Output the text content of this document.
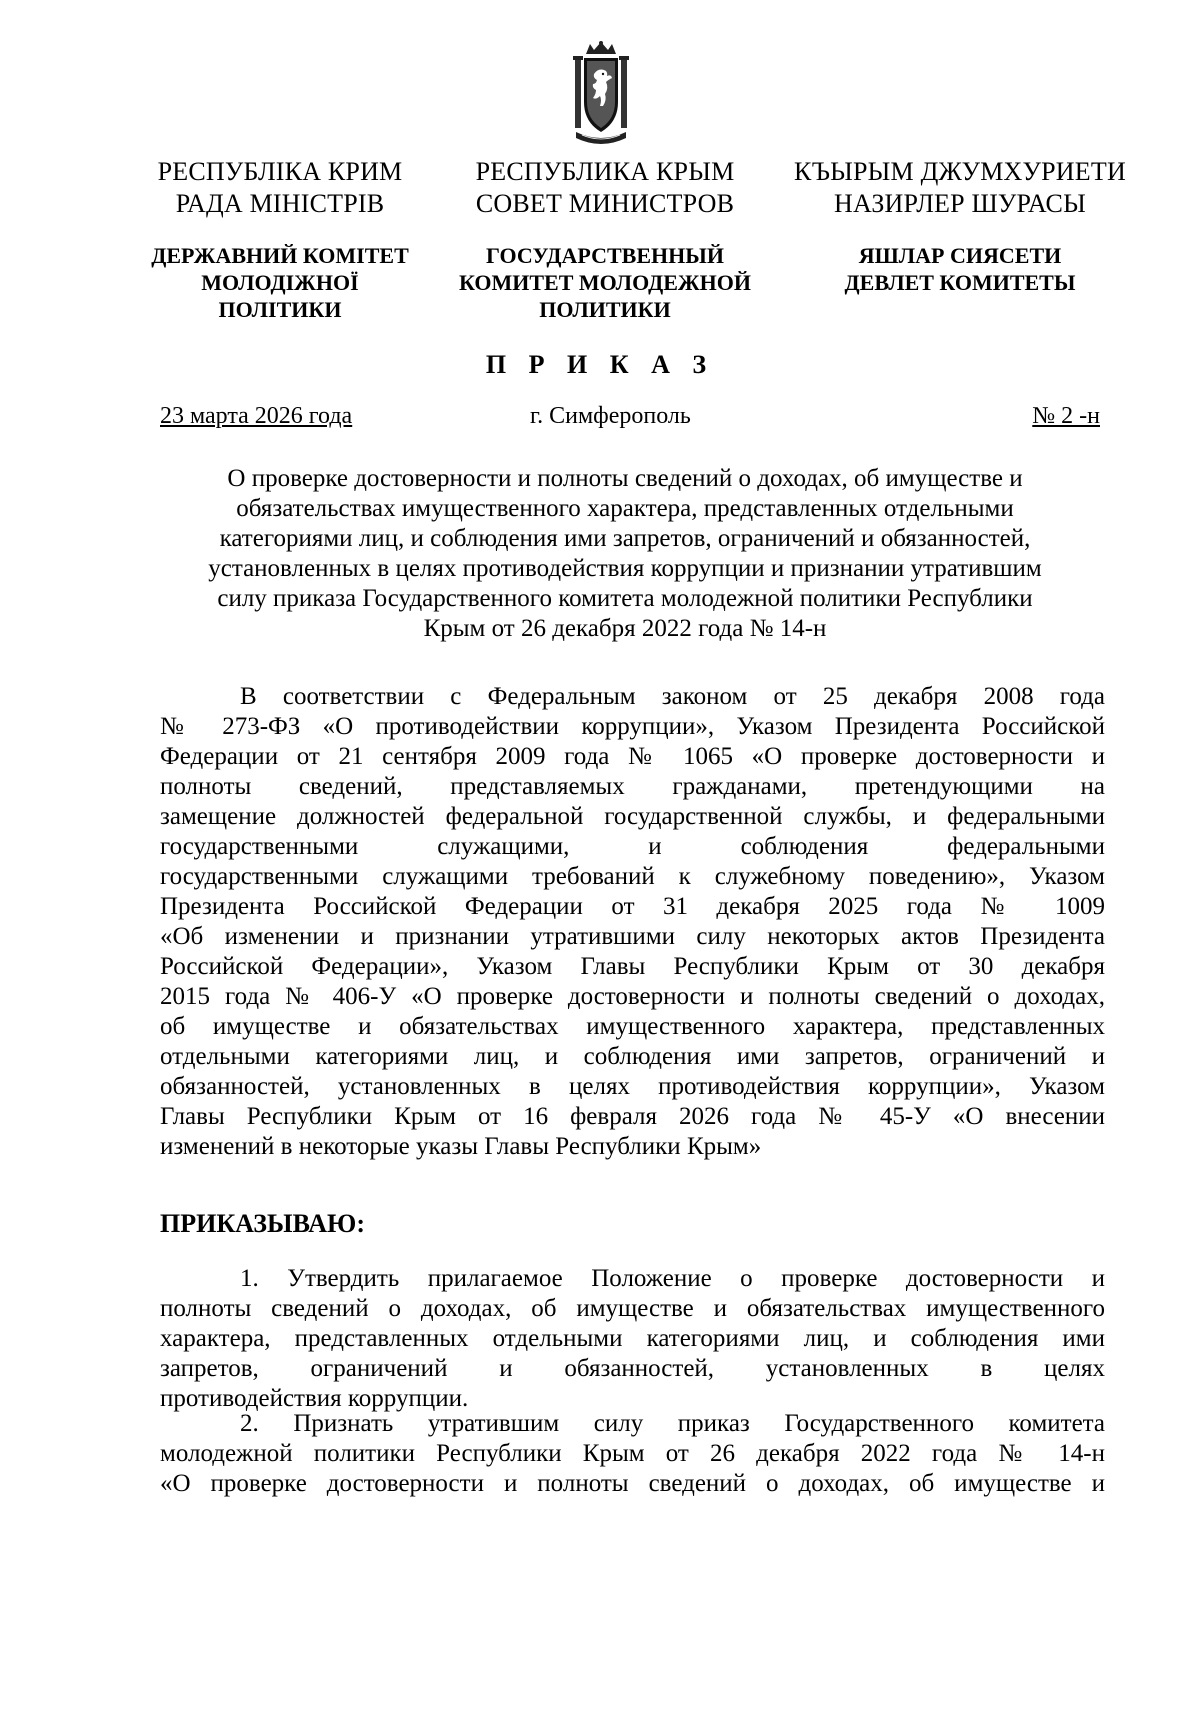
РЕСПУБЛІКА КРИМ
РАДА МІНІСТРІВ
РЕСПУБЛИКА КРЫМ
СОВЕТ МИНИСТРОВ
КЪЫРЫМ ДЖУМХУРИЕТИ
НАЗИРЛЕР ШУРАСЫ
ДЕРЖАВНИЙ КОМІТЕТ
МОЛОДІЖНОЇ
ПОЛІТИКИ
ГОСУДАРСТВЕННЫЙ
КОМИТЕТ МОЛОДЕЖНОЙ
ПОЛИТИКИ
ЯШЛАР СИЯСЕТИ
ДЕВЛЕТ КОМИТЕТЫ
П Р И К А З
23 марта 2026 года	г. Симферополь	№ 2 -н
О проверке достоверности и полноты сведений о доходах, об имуществе и
обязательствах имущественного характера, представленных отдельными
категориями лиц, и соблюдения ими запретов, ограничений и обязанностей,
установленных в целях противодействия коррупции и признании утратившим
силу приказа Государственного комитета молодежной политики Республики
Крым от 26 декабря 2022 года № 14-н
В соответствии с Федеральным законом от 25 декабря 2008 года
№ 273-ФЗ «О противодействии коррупции», Указом Президента Российской
Федерации от 21 сентября 2009 года № 1065 «О проверке достоверности и
полноты сведений, представляемых гражданами, претендующими на
замещение должностей федеральной государственной службы, и федеральными
государственными служащими, и соблюдения федеральными
государственными служащими требований к служебному поведению», Указом
Президента Российской Федерации от 31 декабря 2025 года № 1009
«Об изменении и признании утратившими силу некоторых актов Президента
Российской Федерации», Указом Главы Республики Крым от 30 декабря
2015 года № 406-У «О проверке достоверности и полноты сведений о доходах,
об имуществе и обязательствах имущественного характера, представленных
отдельными категориями лиц, и соблюдения ими запретов, ограничений и
обязанностей, установленных в целях противодействия коррупции», Указом
Главы Республики Крым от 16 февраля 2026 года № 45-У «О внесении
изменений в некоторые указы Главы Республики Крым»
ПРИКАЗЫВАЮ:
1. Утвердить прилагаемое Положение о проверке достоверности и
полноты сведений о доходах, об имуществе и обязательствах имущественного
характера, представленных отдельными категориями лиц, и соблюдения ими
запретов, ограничений и обязанностей, установленных в целях
противодействия коррупции.
2. Признать утратившим силу приказ Государственного комитета
молодежной политики Республики Крым от 26 декабря 2022 года № 14-н
«О проверке достоверности и полноты сведений о доходах, об имуществе и
